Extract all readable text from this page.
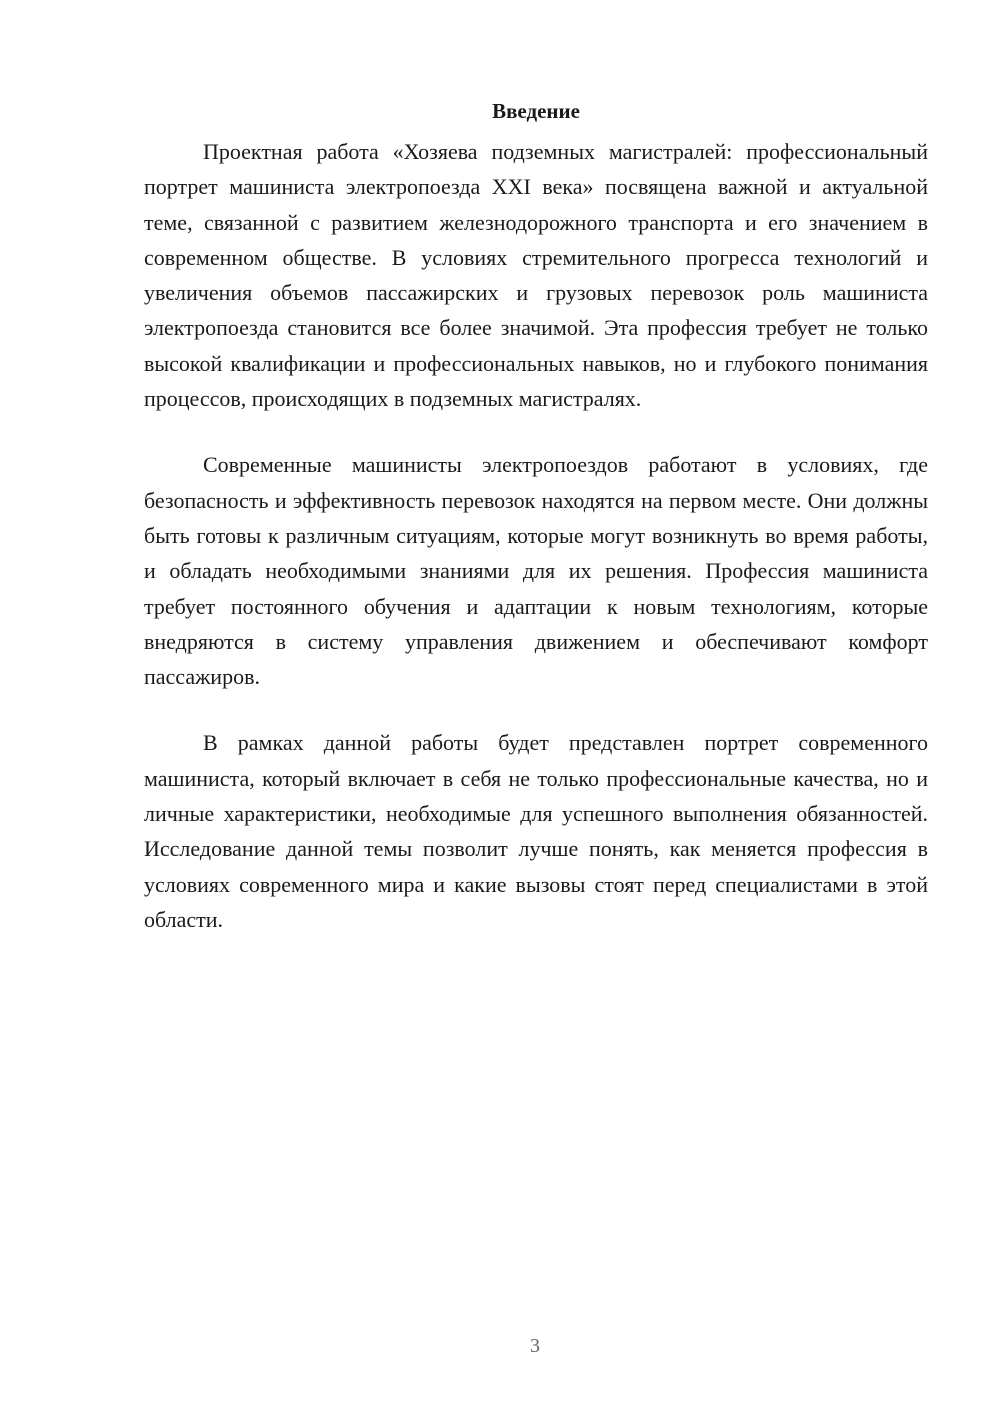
Введение

Проектная работа «Хозяева подземных магистралей: профессиональный портрет машиниста электропоезда XXI века» посвящена важной и актуальной теме, связанной с развитием железнодорожного транспорта и его значением в современном обществе. В условиях стремительного прогресса технологий и увеличения объемов пассажирских и грузовых перевозок роль машиниста электропоезда становится все более значимой. Эта профессия требует не только высокой квалификации и профессиональных навыков, но и глубокого понимания процессов, происходящих в подземных магистралях.

Современные машинисты электропоездов работают в условиях, где безопасность и эффективность перевозок находятся на первом месте. Они должны быть готовы к различным ситуациям, которые могут возникнуть во время работы, и обладать необходимыми знаниями для их решения. Профессия машиниста требует постоянного обучения и адаптации к новым технологиям, которые внедряются в систему управления движением и обеспечивают комфорт пассажиров.

В рамках данной работы будет представлен портрет современного машиниста, который включает в себя не только профессиональные качества, но и личные характеристики, необходимые для успешного выполнения обязанностей. Исследование данной темы позволит лучше понять, как меняется профессия в условиях современного мира и какие вызовы стоят перед специалистами в этой области.

3
